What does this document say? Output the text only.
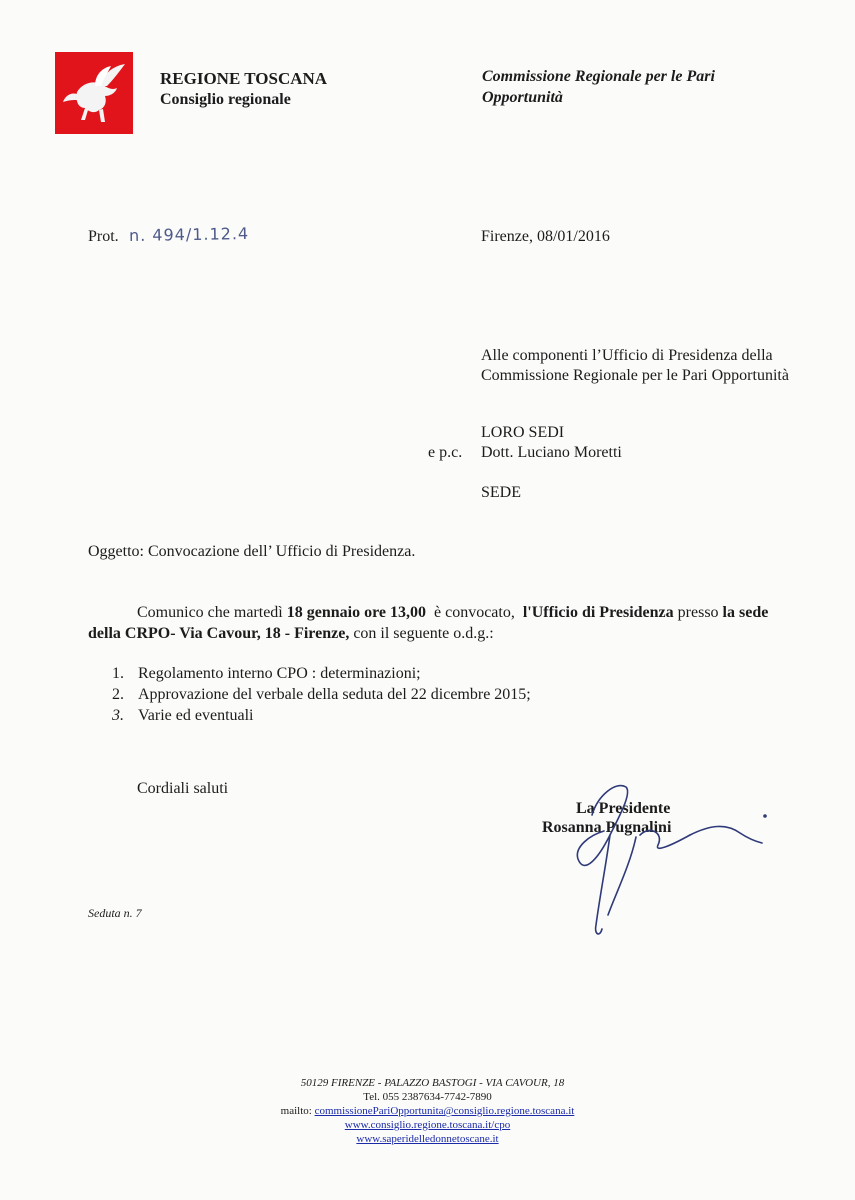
REGIONE TOSCANA
Consiglio regionale
Commissione Regionale per le Pari Opportunità
Prot. n. 494/1.12.4	Firenze, 08/01/2016
Alle componenti l’Ufficio di Presidenza della Commissione Regionale per le Pari Opportunità
LORO SEDI
e p.c. Dott. Luciano Moretti
SEDE
Oggetto: Convocazione dell’ Ufficio di Presidenza.
Comunico che martedì 18 gennaio ore 13,00  è convocato,  l'Ufficio di Presidenza presso la sede della CRPO- Via Cavour, 18 - Firenze, con il seguente o.d.g.:
1. Regolamento interno CPO : determinazioni;
2. Approvazione del verbale della seduta del 22 dicembre 2015;
3. Varie ed eventuali
Cordiali saluti
La Presidente
Rosanna Pugnalini
Seduta n. 7
50129 FIRENZE - PALAZZO BASTOGI - VIA CAVOUR, 18
Tel. 055 2387634-7742-7890
mailto: commissionePariOpportunita@consiglio.regione.toscana.it
www.consiglio.regione.toscana.it/cpo
www.saperidelledonnetoscane.it
